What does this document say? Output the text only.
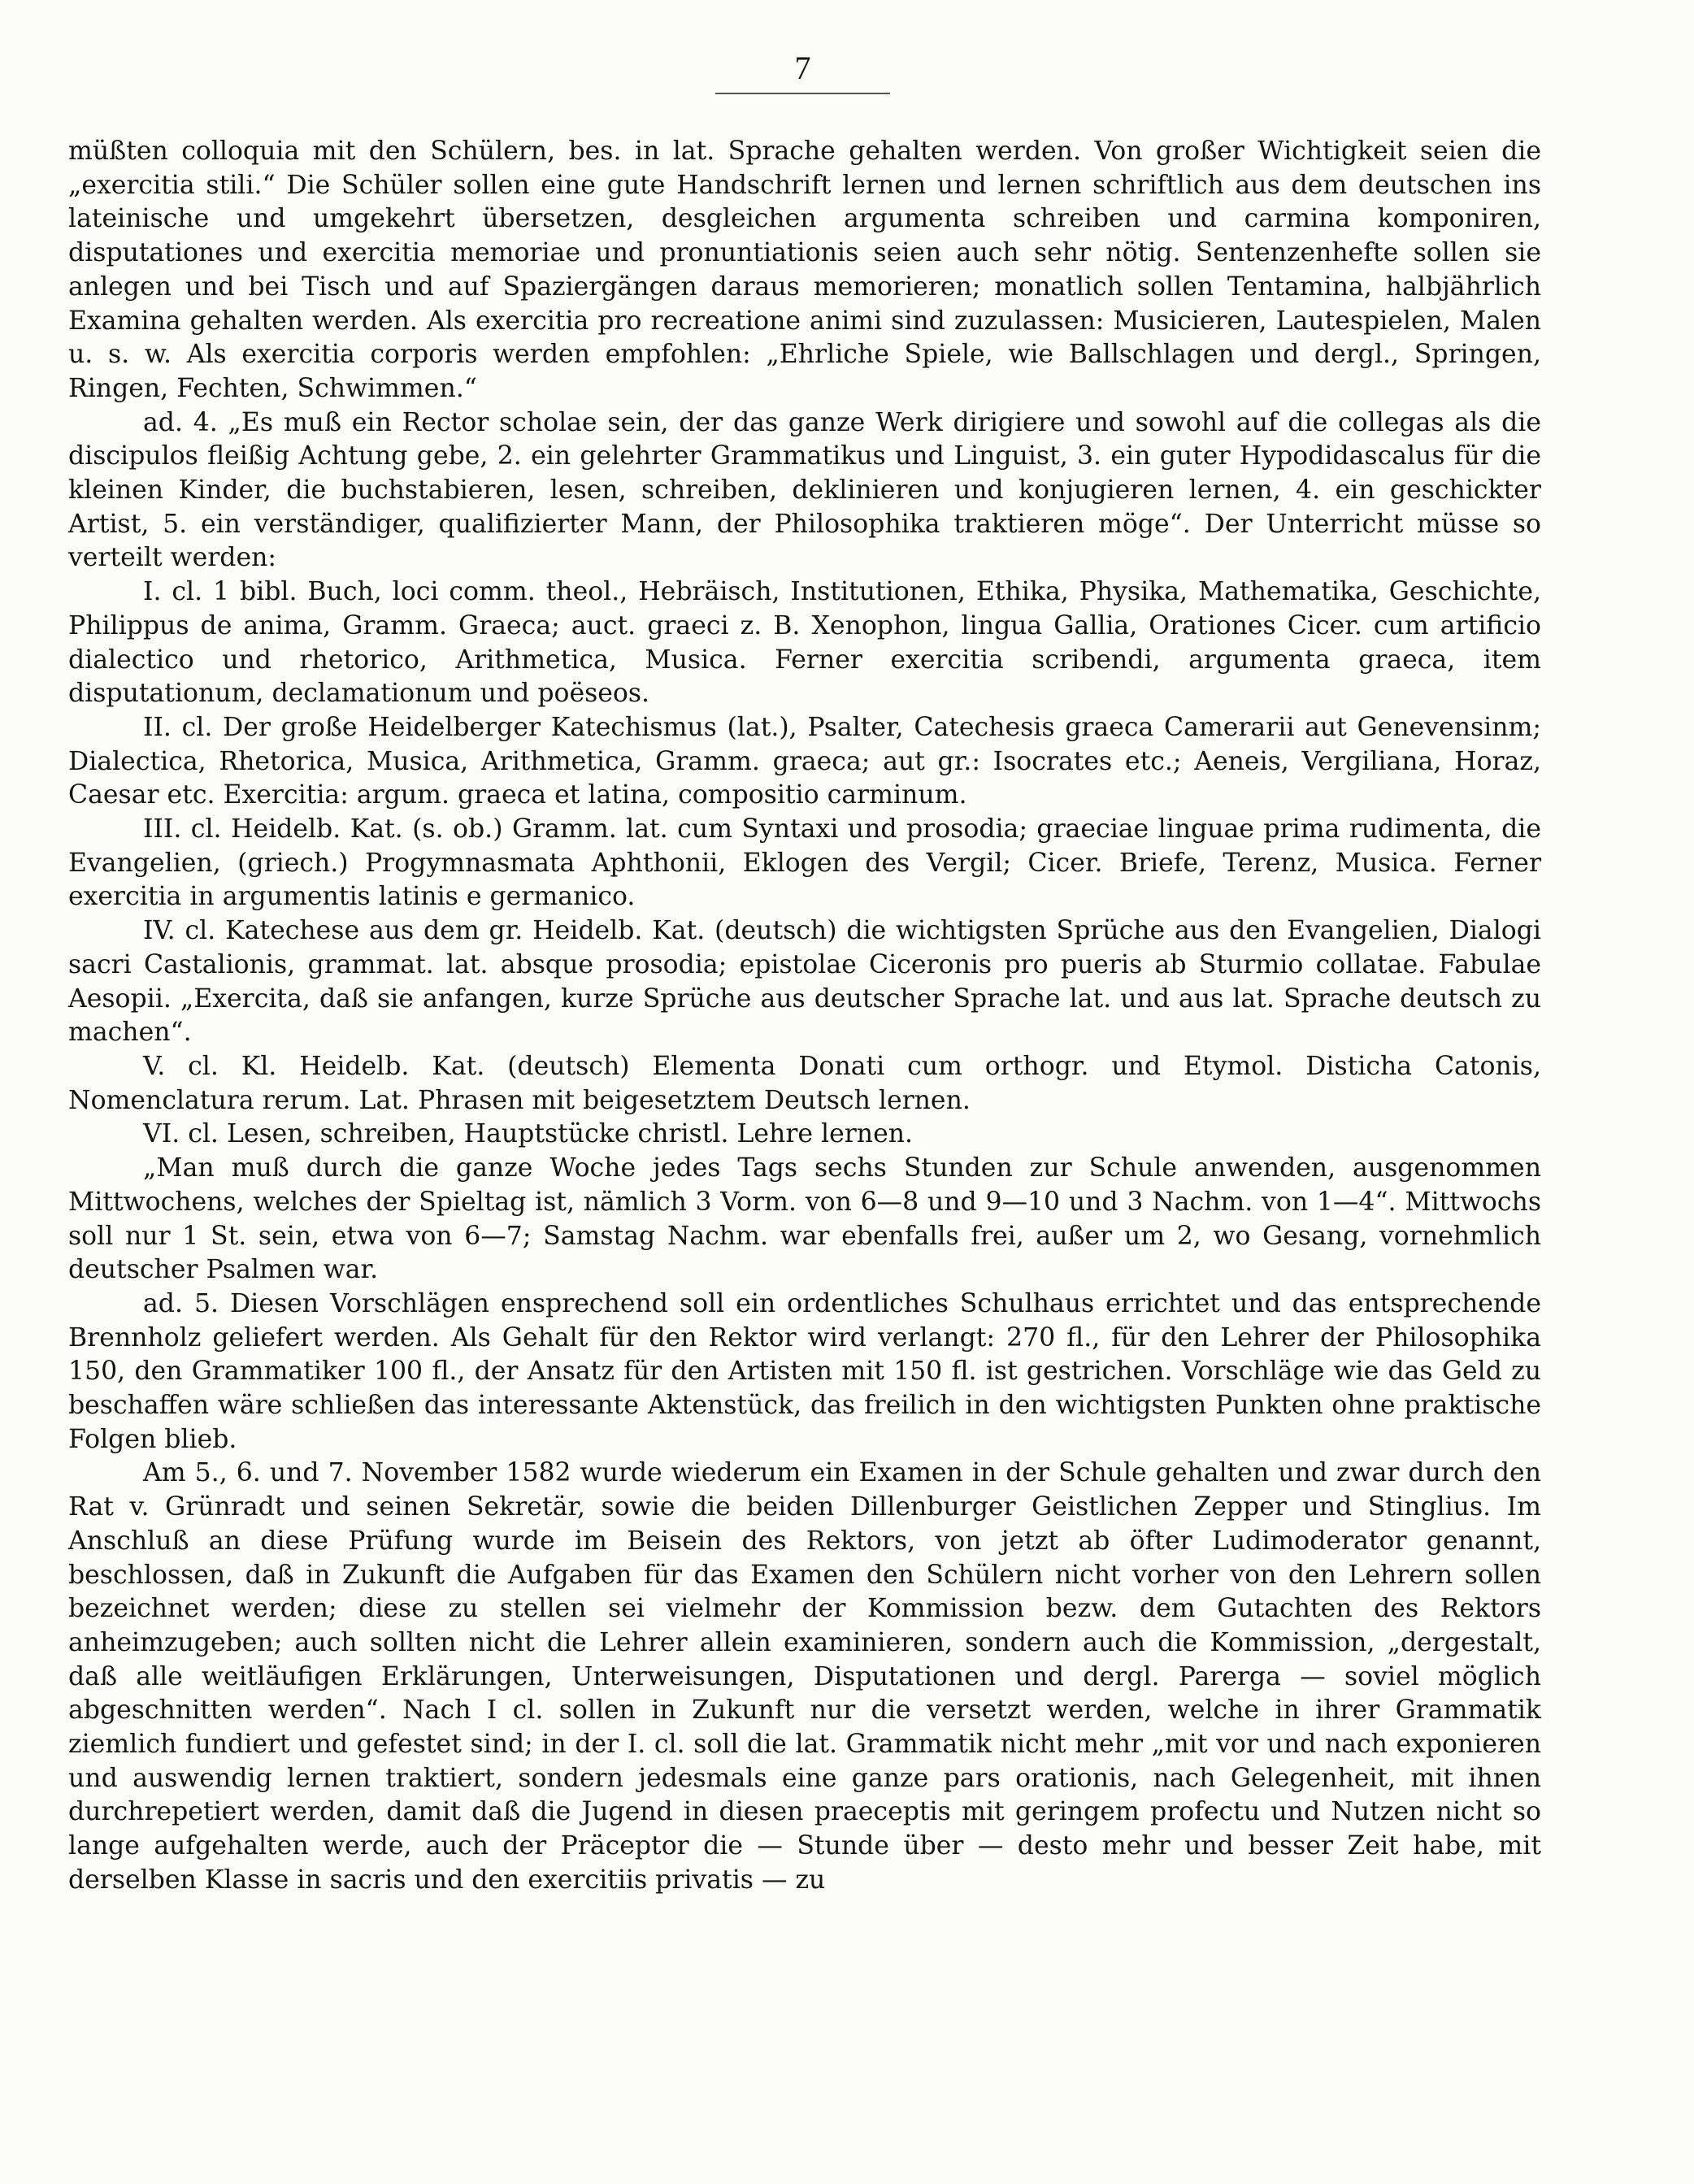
7

müßten colloquia mit den Schülern, bes. in lat. Sprache gehalten werden. Von großer Wichtigkeit seien die „exercitia stili.“ Die Schüler sollen eine gute Handschrift lernen und lernen schriftlich aus dem deutschen ins lateinische und umgekehrt übersetzen, desgleichen argumenta schreiben und carmina komponiren, disputationes und exercitia memoriae und pronuntiationis seien auch sehr nötig. Sentenzenhefte sollen sie anlegen und bei Tisch und auf Spaziergängen daraus memorieren; monatlich sollen Tentamina, halbjährlich Examina gehalten werden. Als exercitia pro recreatione animi sind zuzulassen: Musicieren, Lautespielen, Malen u. s. w. Als exercitia corporis werden empfohlen: „Ehrliche Spiele, wie Ballschlagen und dergl., Springen, Ringen, Fechten, Schwimmen.“

ad. 4. „Es muß ein Rector scholae sein, der das ganze Werk dirigiere und sowohl auf die collegas als die discipulos fleißig Achtung gebe, 2. ein gelehrter Grammatikus und Linguist, 3. ein guter Hypodidascalus für die kleinen Kinder, die buchstabieren, lesen, schreiben, deklinieren und konjugieren lernen, 4. ein geschickter Artist, 5. ein verständiger, qualifizierter Mann, der Philosophika traktieren möge“. Der Unterricht müsse so verteilt werden:

I. cl. 1 bibl. Buch, loci comm. theol., Hebräisch, Institutionen, Ethika, Physika, Mathematika, Geschichte, Philippus de anima, Gramm. Graeca; auct. graeci z. B. Xenophon, lingua Gallia, Orationes Cicer. cum artificio dialectico und rhetorico, Arithmetica, Musica. Ferner exercitia scribendi, argumenta graeca, item disputationum, declamationum und poëseos.

II. cl. Der große Heidelberger Katechismus (lat.), Psalter, Catechesis graeca Camerarii aut Genevensinm; Dialectica, Rhetorica, Musica, Arithmetica, Gramm. graeca; aut gr.: Isocrates etc.; Aeneis, Vergiliana, Horaz, Caesar etc. Exercitia: argum. graeca et latina, compositio carminum.

III. cl. Heidelb. Kat. (s. ob.) Gramm. lat. cum Syntaxi und prosodia; graeciae linguae prima rudimenta, die Evangelien, (griech.) Progymnasmata Aphthonii, Eklogen des Vergil; Cicer. Briefe, Terenz, Musica. Ferner exercitia in argumentis latinis e germanico.

IV. cl. Katechese aus dem gr. Heidelb. Kat. (deutsch) die wichtigsten Sprüche aus den Evangelien, Dialogi sacri Castalionis, grammat. lat. absque prosodia; epistolae Ciceronis pro pueris ab Sturmio collatae. Fabulae Aesopii. „Exercita, daß sie anfangen, kurze Sprüche aus deutscher Sprache lat. und aus lat. Sprache deutsch zu machen“.

V. cl. Kl. Heidelb. Kat. (deutsch) Elementa Donati cum orthogr. und Etymol. Disticha Catonis, Nomenclatura rerum. Lat. Phrasen mit beigesetztem Deutsch lernen.

VI. cl. Lesen, schreiben, Hauptstücke christl. Lehre lernen.

„Man muß durch die ganze Woche jedes Tags sechs Stunden zur Schule anwenden, ausgenommen Mittwochens, welches der Spieltag ist, nämlich 3 Vorm. von 6—8 und 9—10 und 3 Nachm. von 1—4“. Mittwochs soll nur 1 St. sein, etwa von 6—7; Samstag Nachm. war ebenfalls frei, außer um 2, wo Gesang, vornehmlich deutscher Psalmen war.

ad. 5. Diesen Vorschlägen ensprechend soll ein ordentliches Schulhaus errichtet und das entsprechende Brennholz geliefert werden. Als Gehalt für den Rektor wird verlangt: 270 fl., für den Lehrer der Philosophika 150, den Grammatiker 100 fl., der Ansatz für den Artisten mit 150 fl. ist gestrichen. Vorschläge wie das Geld zu beschaffen wäre schließen das interessante Aktenstück, das freilich in den wichtigsten Punkten ohne praktische Folgen blieb.

Am 5., 6. und 7. November 1582 wurde wiederum ein Examen in der Schule gehalten und zwar durch den Rat v. Grünradt und seinen Sekretär, sowie die beiden Dillenburger Geistlichen Zepper und Stinglius. Im Anschluß an diese Prüfung wurde im Beisein des Rektors, von jetzt ab öfter Ludimoderator genannt, beschlossen, daß in Zukunft die Aufgaben für das Examen den Schülern nicht vorher von den Lehrern sollen bezeichnet werden; diese zu stellen sei vielmehr der Kommission bezw. dem Gutachten des Rektors anheimzugeben; auch sollten nicht die Lehrer allein examinieren, sondern auch die Kommission, „dergestalt, daß alle weitläufigen Erklärungen, Unterweisungen, Disputationen und dergl. Parerga — soviel möglich abgeschnitten werden“. Nach I cl. sollen in Zukunft nur die versetzt werden, welche in ihrer Grammatik ziemlich fundiert und gefestet sind; in der I. cl. soll die lat. Grammatik nicht mehr „mit vor und nach exponieren und auswendig lernen traktiert, sondern jedesmals eine ganze pars orationis, nach Gelegenheit, mit ihnen durchrepetiert werden, damit daß die Jugend in diesen praeceptis mit geringem profectu und Nutzen nicht so lange aufgehalten werde, auch der Präceptor die — Stunde über — desto mehr und besser Zeit habe, mit derselben Klasse in sacris und den exercitiis privatis — zu
